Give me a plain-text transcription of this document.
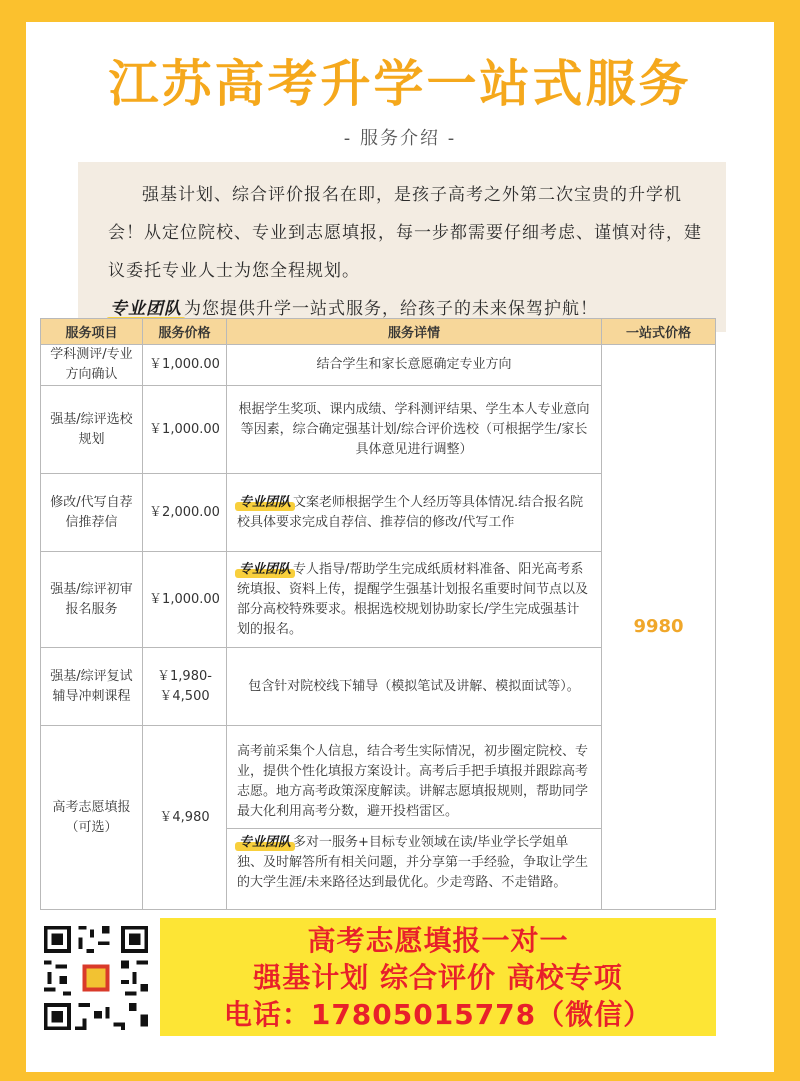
江苏高考升学一站式服务
- 服务介绍 -

强基计划、综合评价报名在即，是孩子高考之外第二次宝贵的升学机会！从定位院校、专业到志愿填报，每一步都需要仔细考虑、谨慎对待，建议委托专业人士为您全程规划。

专业团队 为您提供升学一站式服务，给孩子的未来保驾护航！

服务项目	服务价格	服务详情	一站式价格
学科测评/专业方向确认	￥1,000.00	结合学生和家长意愿确定专业方向	9980
强基/综评选校规划	￥1,000.00	根据学生奖项、课内成绩、学科测评结果、学生本人专业意向等因素，综合确定强基计划/综合评价选校（可根据学生/家长具体意见进行调整）	
修改/代写自荐信推荐信	￥2,000.00	专业团队 文案老师根据学生个人经历等具体情况.结合报名院校具体要求完成自荐信、推荐信的修改/代写工作	
强基/综评初审报名服务	￥1,000.00	专业团队 专人指导/帮助学生完成纸质材料准备、阳光高考系统填报、资料上传，提醒学生强基计划报名重要时间节点以及部分高校特殊要求。根据选校规划协助家长/学生完成强基计划的报名。	
强基/综评复试辅导冲刺课程	￥1,980-￥4,500	包含针对院校线下辅导（模拟笔试及讲解、模拟面试等）。	
高考志愿填报（可选）	￥4,980	高考前采集个人信息，结合考生实际情况，初步圈定院校、专业，提供个性化填报方案设计。高考后手把手填报并跟踪高考志愿。地方高考政策深度解读。讲解志愿填报规则，帮助同学最大化利用高考分数，避开投档雷区。
专业团队 多对一服务+目标专业领域在读/毕业学长学姐单独、及时解答所有相关问题，并分享第一手经验，争取让学生的大学生涯/未来路径达到最优化。少走弯路、不走错路。	
高考志愿填报一对一
强基计划 综合评价 高校专项
电话：17805015778（微信）
KYO511
